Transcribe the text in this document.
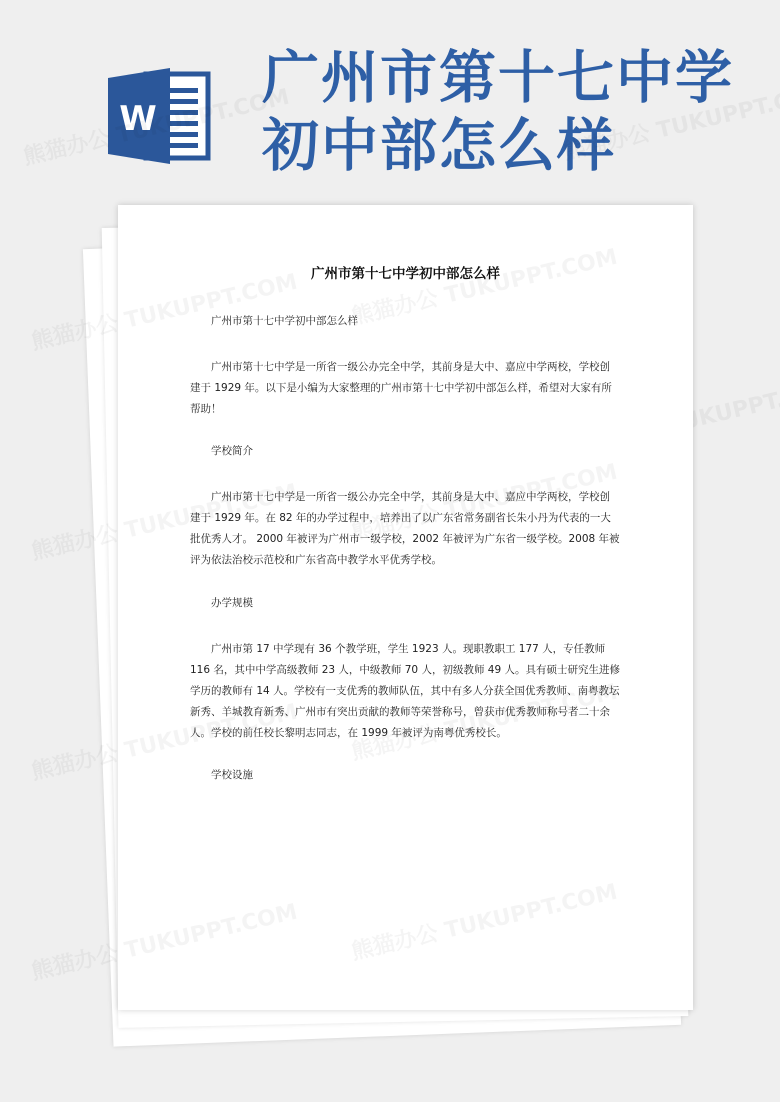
W
广州市第十七中学
初中部怎么样
广州市第十七中学初中部怎么样
广州市第十七中学初中部怎么样
广州市第十七中学是一所省一级公办完全中学，其前身是大中、嘉应中学两校，学校创建于 1929 年。以下是小编为大家整理的广州市第十七中学初中部怎么样，希望对大家有所帮助！
学校简介
广州市第十七中学是一所省一级公办完全中学，其前身是大中、嘉应中学两校，学校创建于 1929 年。在 82 年的办学过程中，培养出了以广东省常务副省长朱小丹为代表的一大批优秀人才。 2000 年被评为广州市一级学校，2002 年被评为广东省一级学校。2008 年被评为依法治校示范校和广东省高中教学水平优秀学校。
办学规模
广州市第 17 中学现有 36 个教学班，学生 1923 人。现职教职工 177 人，专任教师116 名，其中中学高级教师 23 人，中级教师 70 人，初级教师 49 人。具有硕士研究生进修学历的教师有 14 人。学校有一支优秀的教师队伍，其中有多人分获全国优秀教师、南粤教坛新秀、羊城教育新秀、广州市有突出贡献的教师等荣誉称号，曾获市优秀教师称号者二十余人。学校的前任校长黎明志同志，在 1999 年被评为南粤优秀校长。
学校设施
